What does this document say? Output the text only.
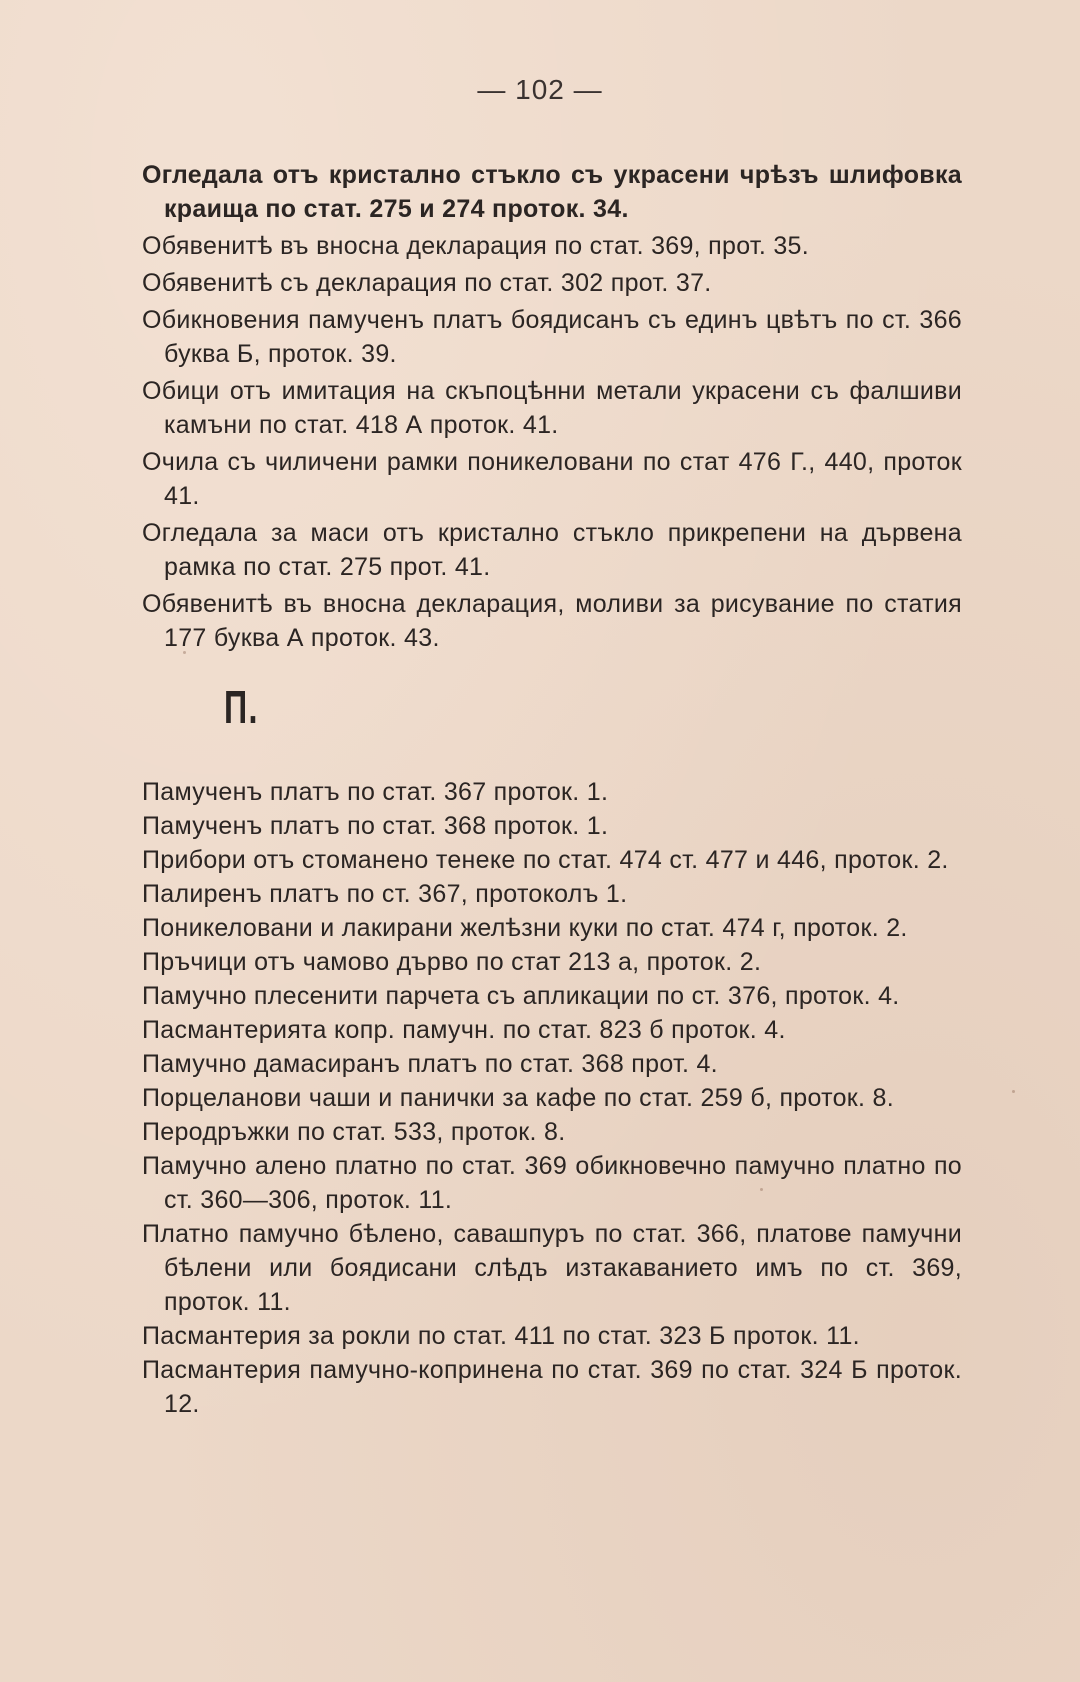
— 102 —

Огледала отъ кристално стъкло съ украсени чрѣзъ шлифовка краища по стат. 275 и 274 проток. 34.

Обявенитѣ въ вносна декларация по стат. 369, прот. 35.

Обявенитѣ съ декларация по стат. 302 прот. 37.

Обикновения памученъ платъ боядисанъ съ единъ цвѣтъ по ст. 366 буква Б, проток. 39.

Обици отъ имитация на скъпоцѣнни метали украсени съ фалшиви камъни по стат. 418 А проток. 41.

Очила съ чиличени рамки поникеловани по стат 476 Г., 440, проток 41.

Огледала за маси отъ кристално стъкло прикрепени на дървена рамка по стат. 275 прот. 41.

Обявенитѣ въ вносна декларация, моливи за рисувание по статия 177 буква А проток. 43.

П.

Памученъ платъ по стат. 367 проток. 1.

Памученъ платъ по стат. 368 проток. 1.

Прибори отъ стоманено тенеке по стат. 474 ст. 477 и 446, проток. 2.

Палиренъ платъ по ст. 367, протоколъ 1.

Поникеловани и лакирани желѣзни куки по стат. 474 г, проток. 2.

Пръчици отъ чамово дърво по стат 213 а, проток. 2.

Памучно плесенити парчета съ апликации по ст. 376, проток. 4.

Пасмантерията копр. памучн. по стат. 823 б проток. 4.

Памучно дамасиранъ платъ по стат. 368 прот. 4.

Порцеланови чаши и панички за кафе по стат. 259 б, проток. 8.

Перодръжки по стат. 533, проток. 8.

Памучно алено платно по стат. 369 обикновечно памучно платно по ст. 360—306, проток. 11.

Платно памучно бѣлено, савашпуръ по стат. 366, платове памучни бѣлени или боядисани слѣдъ изтакаванието имъ по ст. 369, проток. 11.

Пасмантерия за рокли по стат. 411 по стат. 323 Б проток. 11.

Пасмантерия памучно-коприненa по стат. 369 по стат. 324 Б проток. 12.
